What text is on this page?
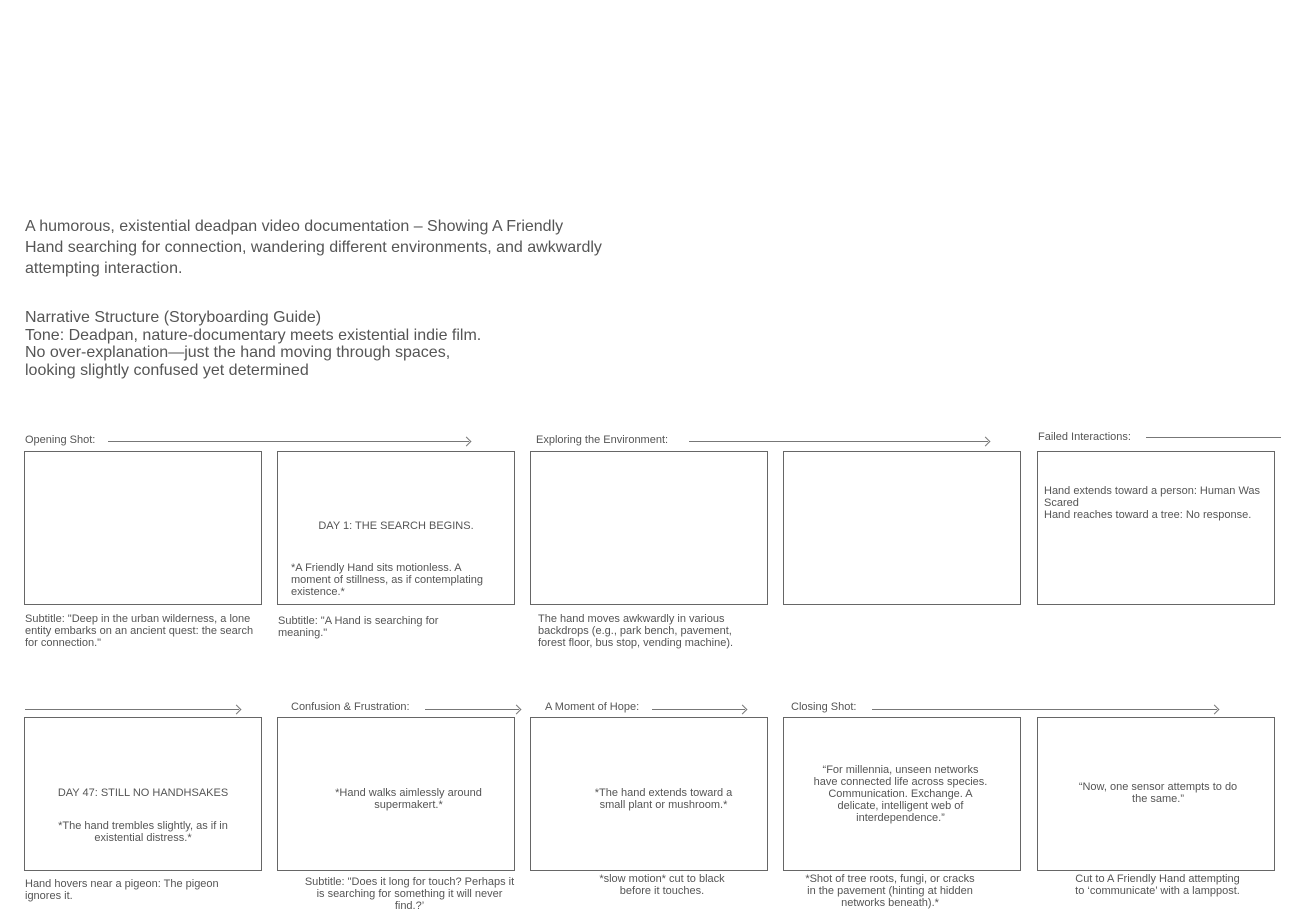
A humorous, existential deadpan video documentation – Showing A Friendly Hand searching for connection, wandering different environments, and awkwardly attempting interaction.

Narrative Structure (Storyboarding Guide)
Tone: Deadpan, nature-documentary meets existential indie film.
No over-explanation—just the hand moving through spaces,
looking slightly confused yet determined
Opening Shot:	Exploring the Environment:	Failed Interactions:
DAY 1: THE SEARCH BEGINS.
*A Friendly Hand sits motionless. A moment of stillness, as if contemplating existence.*
Hand extends toward a person: Human Was Scared
Hand reaches toward a tree: No response.
Subtitle: "Deep in the urban wilderness, a lone entity embarks on an ancient quest: the search for connection."
Subtitle: "A Hand is searching for meaning."
The hand moves awkwardly in various backdrops (e.g., park bench, pavement, forest floor, bus stop, vending machine).
Confusion & Frustration:	A Moment of Hope:	Closing Shot:
DAY 47: STILL NO HANDHSAKES
*The hand trembles slightly, as if in existential distress.*
*Hand walks aimlessly around supermakert.*
*The hand extends toward a small plant or mushroom.*
“For millennia, unseen networks have connected life across species. Communication. Exchange. A delicate, intelligent web of interdependence.”
“Now, one sensor attempts to do the same.”
Hand hovers near a pigeon: The pigeon ignores it.
Subtitle: "Does it long for touch? Perhaps it is searching for something it will never find.?’
*slow motion* cut to black before it touches.
*Shot of tree roots, fungi, or cracks in the pavement (hinting at hidden networks beneath).*
Cut to A Friendly Hand attempting to ‘communicate’ with a lamppost.
